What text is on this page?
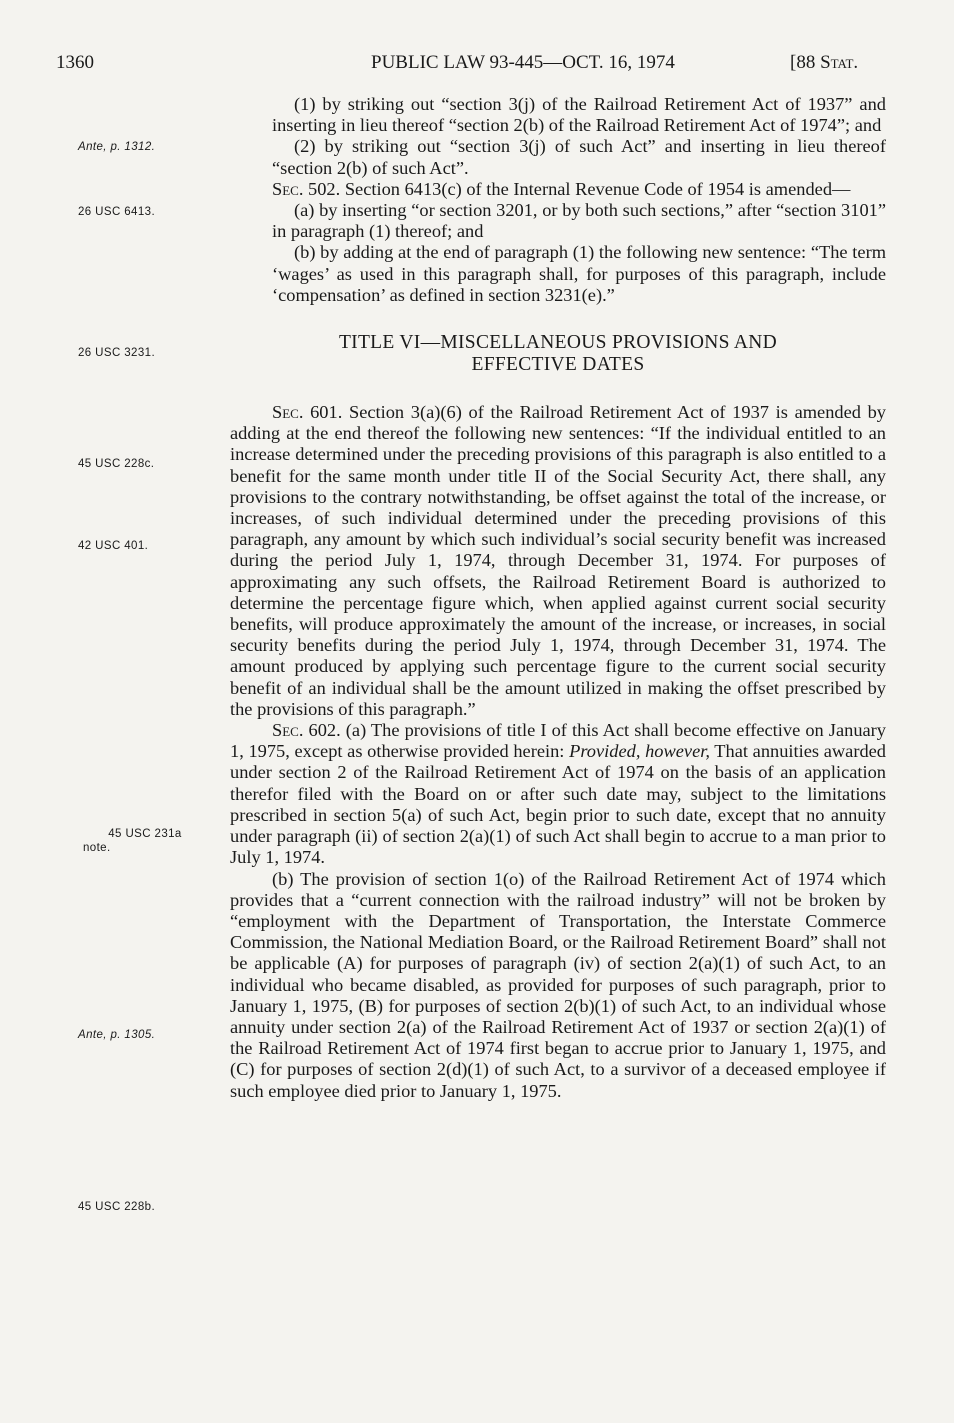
1360	PUBLIC LAW 93-445—OCT. 16, 1974	[88 Stat.
Ante, p. 1312.
26 USC 6413.
26 USC 3231.
45 USC 228c.
42 USC 401.
45 USC 231a
note.
Ante, p. 1305.
45 USC 228b.

(1) by striking out “section 3(j) of the Railroad Retirement Act of 1937” and inserting in lieu thereof “section 2(b) of the Railroad Retirement Act of 1974”; and

(2) by striking out “section 3(j) of such Act” and inserting in lieu thereof “section 2(b) of such Act”.

Sec. 502. Section 6413(c) of the Internal Revenue Code of 1954 is amended—

(a) by inserting “or section 3201, or by both such sections,” after “section 3101” in paragraph (1) thereof; and

(b) by adding at the end of paragraph (1) the following new sentence: “The term ‘wages’ as used in this paragraph shall, for purposes of this paragraph, include ‘compensation’ as defined in section 3231(e).”

TITLE VI—MISCELLANEOUS PROVISIONS AND
EFFECTIVE DATES

Sec. 601. Section 3(a)(6) of the Railroad Retirement Act of 1937 is amended by adding at the end thereof the following new sentences: “If the individual entitled to an increase determined under the preceding provisions of this paragraph is also entitled to a benefit for the same month under title II of the Social Security Act, there shall, any provisions to the contrary notwithstanding, be offset against the total of the increase, or increases, of such individual determined under the preceding provisions of this paragraph, any amount by which such individual’s social security benefit was increased during the period July 1, 1974, through December 31, 1974. For purposes of approximating any such offsets, the Railroad Retirement Board is authorized to determine the percentage figure which, when applied against current social security benefits, will produce approximately the amount of the increase, or increases, in social security benefits during the period July 1, 1974, through December 31, 1974. The amount produced by applying such percentage figure to the current social security benefit of an individual shall be the amount utilized in making the offset prescribed by the provisions of this paragraph.”

Sec. 602. (a) The provisions of title I of this Act shall become effective on January 1, 1975, except as otherwise provided herein: Provided, however, That annuities awarded under section 2 of the Railroad Retirement Act of 1974 on the basis of an application therefor filed with the Board on or after such date may, subject to the limitations prescribed in section 5(a) of such Act, begin prior to such date, except that no annuity under paragraph (ii) of section 2(a)(1) of such Act shall begin to accrue to a man prior to July 1, 1974.

(b) The provision of section 1(o) of the Railroad Retirement Act of 1974 which provides that a “current connection with the railroad industry” will not be broken by “employment with the Department of Transportation, the Interstate Commerce Commission, the National Mediation Board, or the Railroad Retirement Board” shall not be applicable (A) for purposes of paragraph (iv) of section 2(a)(1) of such Act, to an individual who became disabled, as provided for purposes of such paragraph, prior to January 1, 1975, (B) for purposes of section 2(b)(1) of such Act, to an individual whose annuity under section 2(a) of the Railroad Retirement Act of 1937 or section 2(a)(1) of the Railroad Retirement Act of 1974 first began to accrue prior to January 1, 1975, and (C) for purposes of section 2(d)(1) of such Act, to a survivor of a deceased employee if such employee died prior to January 1, 1975.
